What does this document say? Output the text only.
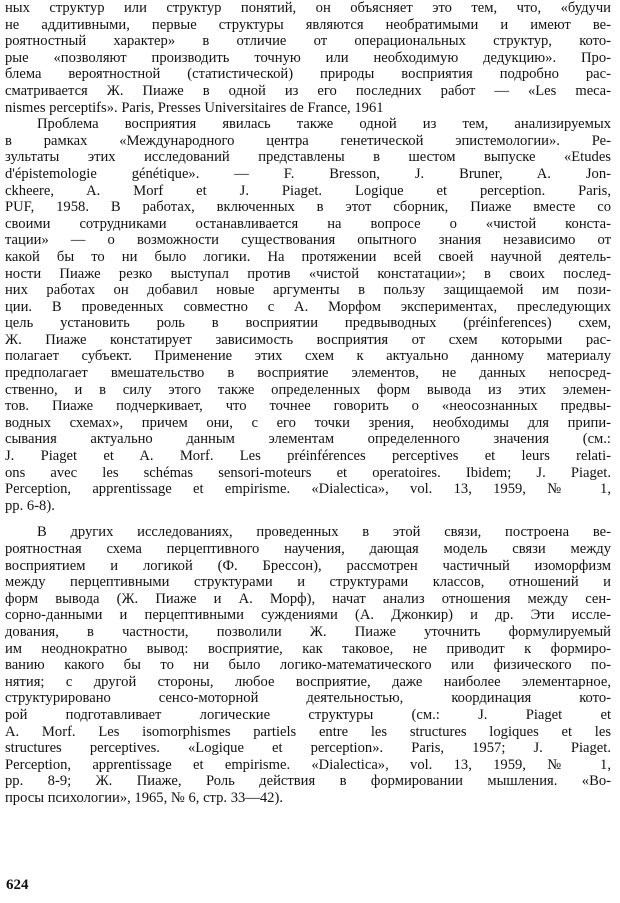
ных структур или структур понятий, он объясняет это тем, что, «будучи
не аддитивными, первые структуры являются необратимыми и имеют ве-
роятностный характер» в отличие от операциональных структур, кото-
рые «позволяют производить точную или необходимую дедукцию». Про-
блема вероятностной (статистической) природы восприятия подробно рас-
сматривается Ж. Пиаже в одной из его последних работ — «Les meca-
nismes perceptifs». Paris, Presses Universitaires de France, 1961
Проблема восприятия явилась также одной из тем, анализируемых
в рамках «Международного центра генетической эпистемологии». Ре-
зультаты этих исследований представлены в шестом выпуске «Etudes
d'épistemologie génétique». — F. Bresson, J. Bruner, A. Jon-
ckheere, A. Morf et J. Piaget. Logique et perception. Paris,
PUF, 1958. В работах, включенных в этот сборник, Пиаже вместе со
своими сотрудниками останавливается на вопросе о «чистой конста-
тации» — о возможности существования опытного знания независимо от
какой бы то ни было логики. На протяжении всей своей научной деятель-
ности Пиаже резко выступал против «чистой констатации»; в своих послед-
них работах он добавил новые аргументы в пользу защищаемой им пози-
ции. В проведенных совместно с А. Морфом экспериментах, преследующих
цель установить роль в восприятии предвыводных (préinferences) схем,
Ж. Пиаже констатирует зависимость восприятия от схем которыми рас-
полагает субъект. Применение этих схем к актуально данному материалу
предполагает вмешательство в восприятие элементов, не данных непосред-
ственно, и в силу этого также определенных форм вывода из этих элемен-
тов. Пиаже подчеркивает, что точнее говорить о «неосознанных предвы-
водных схемах», причем они, с его точки зрения, необходимы для припи-
сывания актуально данным элементам определенного значения (см.:
J. Piaget et A. Morf. Les préinférences perceptives et leurs relati-
ons avec les schémas sensori-moteurs et operatoires. Ibidem; J. Piaget.
Perception, apprentissage et empirisme. «Dialectica», vol. 13, 1959, № 1,
pp. 6-8).
В других исследованиях, проведенных в этой связи, построена ве-
роятностная схема перцептивного научения, дающая модель связи между
восприятием и логикой (Ф. Брессон), рассмотрен частичный изоморфизм
между перцептивными структурами и структурами классов, отношений и
форм вывода (Ж. Пиаже и А. Морф), начат анализ отношения между сен-
сорно-данными и перцептивными суждениями (А. Джонкир) и др. Эти иссле-
дования, в частности, позволили Ж. Пиаже уточнить формулируемый
им неоднократно вывод: восприятие, как таковое, не приводит к формиро-
ванию какого бы то ни было логико-математического или физического по-
нятия; с другой стороны, любое восприятие, даже наиболее элементарное,
структурировано сенсо-моторной деятельностью, координация кото-
рой подготавливает логические структуры (см.: J. Piaget et
A. Morf. Les isomorphismes partiels entre les structures logiques et les
structures perceptives. «Logique et perception». Paris, 1957; J. Piaget.
Perception, apprentissage et empirisme. «Dialectica», vol. 13, 1959, № 1,
pp. 8-9; Ж. Пиаже, Роль действия в формировании мышления. «Во-
просы психологии», 1965, № 6, стр. 33—42).
624
